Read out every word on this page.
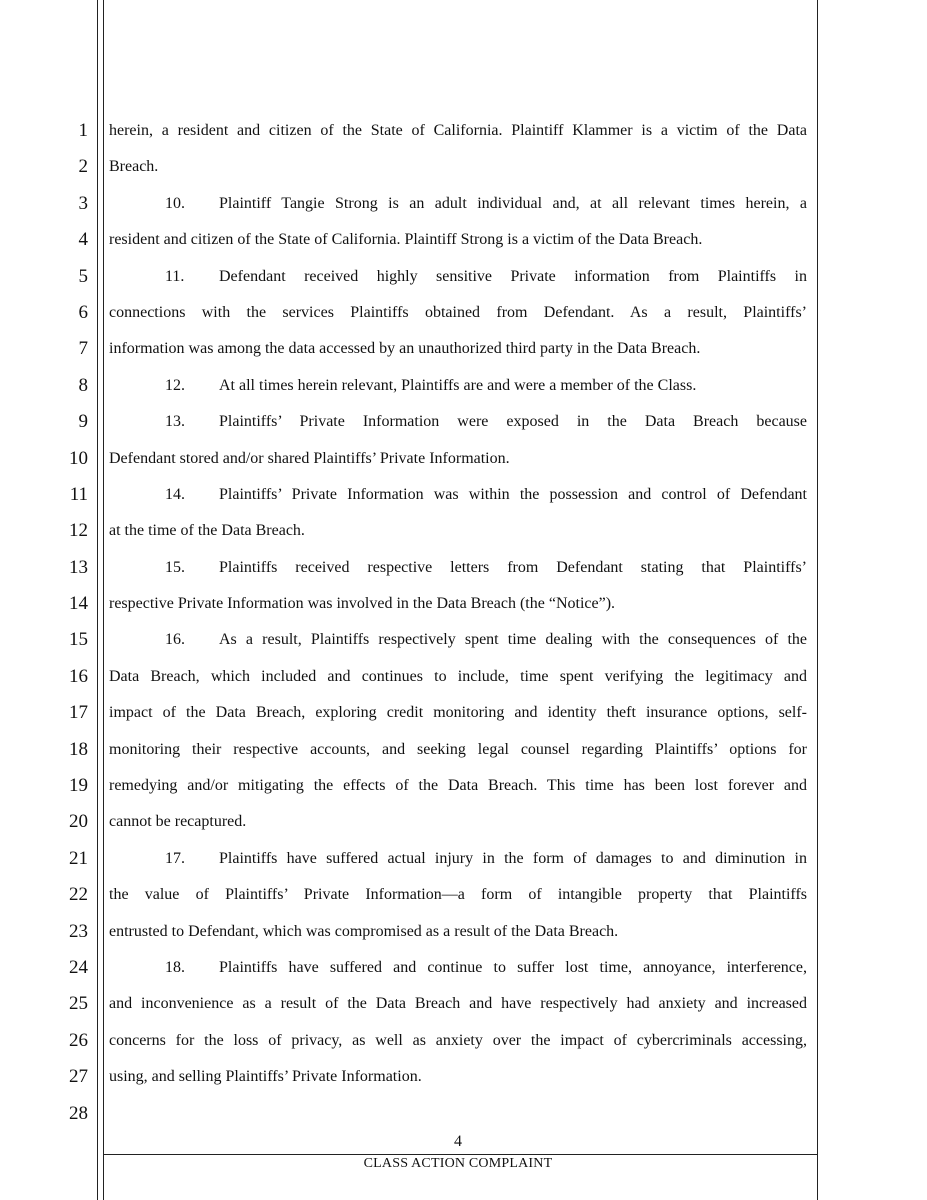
1
2
3
4
5
6
7
8
9
10
11
12
13
14
15
16
17
18
19
20
21
22
23
24
25
26
27
28
herein, a resident and citizen of the State of California. Plaintiff Klammer is a victim of the Data
Breach.
10. Plaintiff Tangie Strong is an adult individual and, at all relevant times herein, a
resident and citizen of the State of California. Plaintiff Strong is a victim of the Data Breach.
11. Defendant received highly sensitive Private information from Plaintiffs in
connections with the services Plaintiffs obtained from Defendant. As a result, Plaintiffs’
information was among the data accessed by an unauthorized third party in the Data Breach.
12. At all times herein relevant, Plaintiffs are and were a member of the Class.
13. Plaintiffs’ Private Information were exposed in the Data Breach because
Defendant stored and/or shared Plaintiffs’ Private Information.
14. Plaintiffs’ Private Information was within the possession and control of Defendant
at the time of the Data Breach.
15. Plaintiffs received respective letters from Defendant stating that Plaintiffs’
respective Private Information was involved in the Data Breach (the “Notice”).
16. As a result, Plaintiffs respectively spent time dealing with the consequences of the
Data Breach, which included and continues to include, time spent verifying the legitimacy and
impact of the Data Breach, exploring credit monitoring and identity theft insurance options, self-
monitoring their respective accounts, and seeking legal counsel regarding Plaintiffs’ options for
remedying and/or mitigating the effects of the Data Breach. This time has been lost forever and
cannot be recaptured.
17. Plaintiffs have suffered actual injury in the form of damages to and diminution in
the value of Plaintiffs’ Private Information—a form of intangible property that Plaintiffs
entrusted to Defendant, which was compromised as a result of the Data Breach.
18. Plaintiffs have suffered and continue to suffer lost time, annoyance, interference,
and inconvenience as a result of the Data Breach and have respectively had anxiety and increased
concerns for the loss of privacy, as well as anxiety over the impact of cybercriminals accessing,
using, and selling Plaintiffs’ Private Information.
4
CLASS ACTION COMPLAINT
